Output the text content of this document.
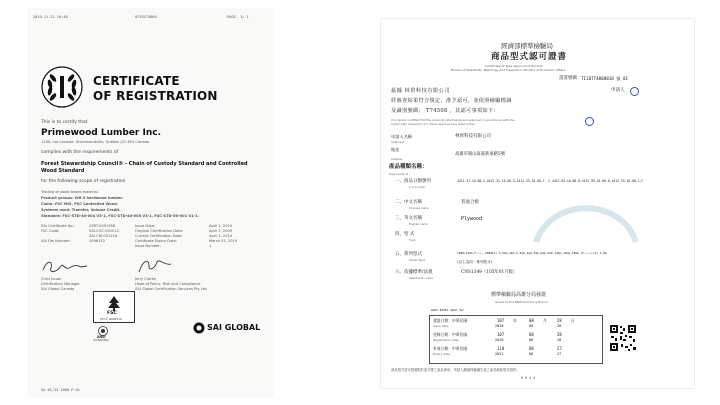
2019.11.22 10:48	0793474866	PAGE. 1/ 1
CERTIFICATE
OF REGISTRATION
This is to certify that
Primewood Lumber Inc.
1100, rue Lacoste, Drummondville, Québec J2C 8Y4 Canada
complies with the requirements of
Forest Stewardship Council® - Chain of Custody Standard and Controlled
Wood Standard
for the following scope of registration
Trading of wood based material.
Product groups: W6.3 hardwood lumber.
Claim: FSC MIX, FSC Controlled Wood.
Systems used: Transfer, Volume Credit.
Standard: FSC-STD-40-004 V3-1, FSC-STD-40-005 V3-1, FSC-STD-50-001 V1-2.
SAI Certificate No.:	CERT-0091958
FSC Code:	SAI-COC-001012
SAI-CW-001218
SAI File Number:	1096152
Issue Date:	April 1, 2014
Original Certification Date:	April 2, 2009
Current Certification Date:	April 1, 2014
Certificate Expiry Date:	March 31, 2019
Issue Number:	1
Chris Jouan
Certification Manager
SAI Global Canada
Jerry Clarke
Head of Policy, Risk and Compliance
SAI Global Certification Services Pty Ltd
FSC
FSC® N002510
ANSI
ACCREDITED
SAI GLOBAL
SA 01/12 1000 P.01
經濟部標準檢驗局
商品型式認可證書
Certificate of Type Approval of Product
Bureau of Standards, Metrology and Inspection, Ministry of Economic Affairs
證書號碼： TI107T4808818 號 01
申請人
茲據 林貿科技有限公司
經審查結果符合規定，准予認可，並依照檢驗標識
及識別號碼： T74508 ，其認可事項如下：
It is hereby certified that the products listed below are approved in accordance with the...
Commodity Inspection Act. Items approved are listed below.
申請人名稱	林貿科技有限公司
Applicant
地址
高雄市岡山區嘉新東路5號
Address
產品種類名稱：
Type name of
一、商品分類號列
C.C.C Code
4412.31.10.00-2,4412.31.10.00-3,4412.33.10.00-7, C.4412.94.10.00-6,4412.99.10.00-6,4412.33.10.00-2-C
二、中文名稱
Chinese name
普通合板
三、英文名稱
English name
Plywood
四、型 式
Type
五、系列型式
Series Type
CD89(12mm,F☆☆☆☆,CEN012) 2.5mm,3mm,3.6mm,4mm,5mm,6mm,9mm,12mm,15mm,18mm (F☆☆☆☆)(2) 1.8m
(以上為同一系列型式)
六、依據標準/法規
Standards / Laws
CNS1349（105年01月版）
標準檢驗局高雄分局發證
Issued by the BSMI Kaohsiung Branch
www.bsmi.gov.tw
發證日期：中華民國	107 年	08 月	28 日
Issue date	2018	08	28
登錄日期：中華民國	107	08	28
Registration date	2018	08	28
有效日期：中華民國	110	08	27
Expiry date	2021	08	27
商品型式認可證書限於原式樣之產品使用，申請人應確保後續生產之產品與原型式相符。
8 0 4 5
